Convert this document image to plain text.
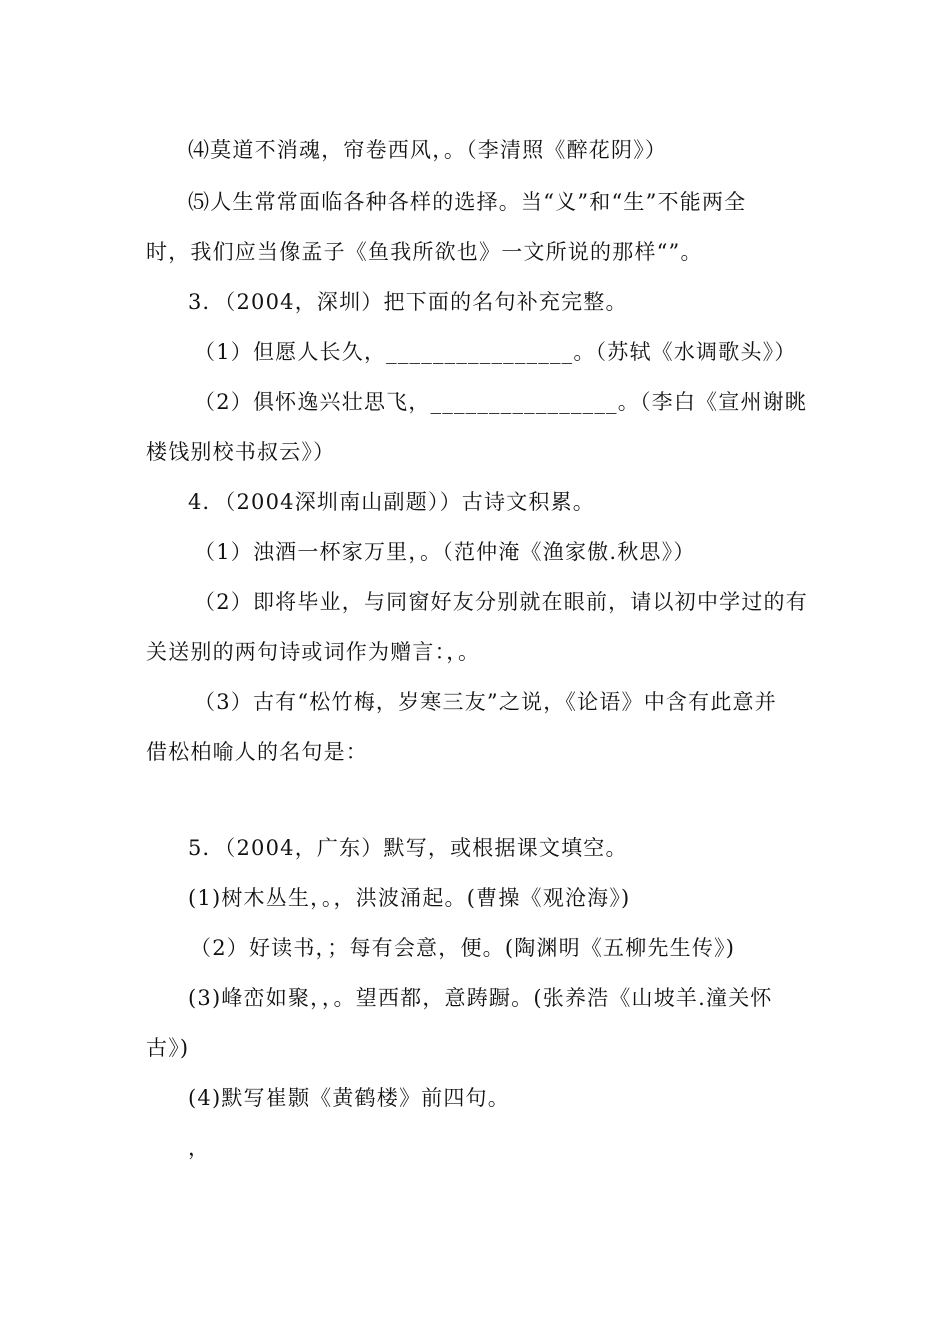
⑷莫道不消魂，帘卷西风，。（李清照《醉花阴》）
⑸人生常常面临各种各样的选择。当“义”和“生”不能两全
时，我们应当像孟子《鱼我所欲也》一文所说的那样“”。
3．（2004，深圳）把下面的名句补充完整。
（1）但愿人长久，________________。（苏轼《水调歌头》）
（2）俱怀逸兴壮思飞，________________。（李白《宣州谢眺
楼饯别校书叔云》）
4．（2004深圳南山副题））古诗文积累。
（1）浊酒一杯家万里，。（范仲淹《渔家傲.秋思》）
（2）即将毕业，与同窗好友分别就在眼前，请以初中学过的有
关送别的两句诗或词作为赠言：，。
（3）古有“松竹梅，岁寒三友”之说，《论语》中含有此意并
借松柏喻人的名句是：
5．（2004，广东）默写，或根据课文填空。
(1)树木丛生，。，洪波涌起。(曹操《观沧海》)
（2）好读书，；每有会意，便。(陶渊明《五柳先生传》)
(3)峰峦如聚，，。望西都，意踌蹰。(张养浩《山坡羊.潼关怀
古》)
(4)默写崔颢《黄鹤楼》前四句。
，
